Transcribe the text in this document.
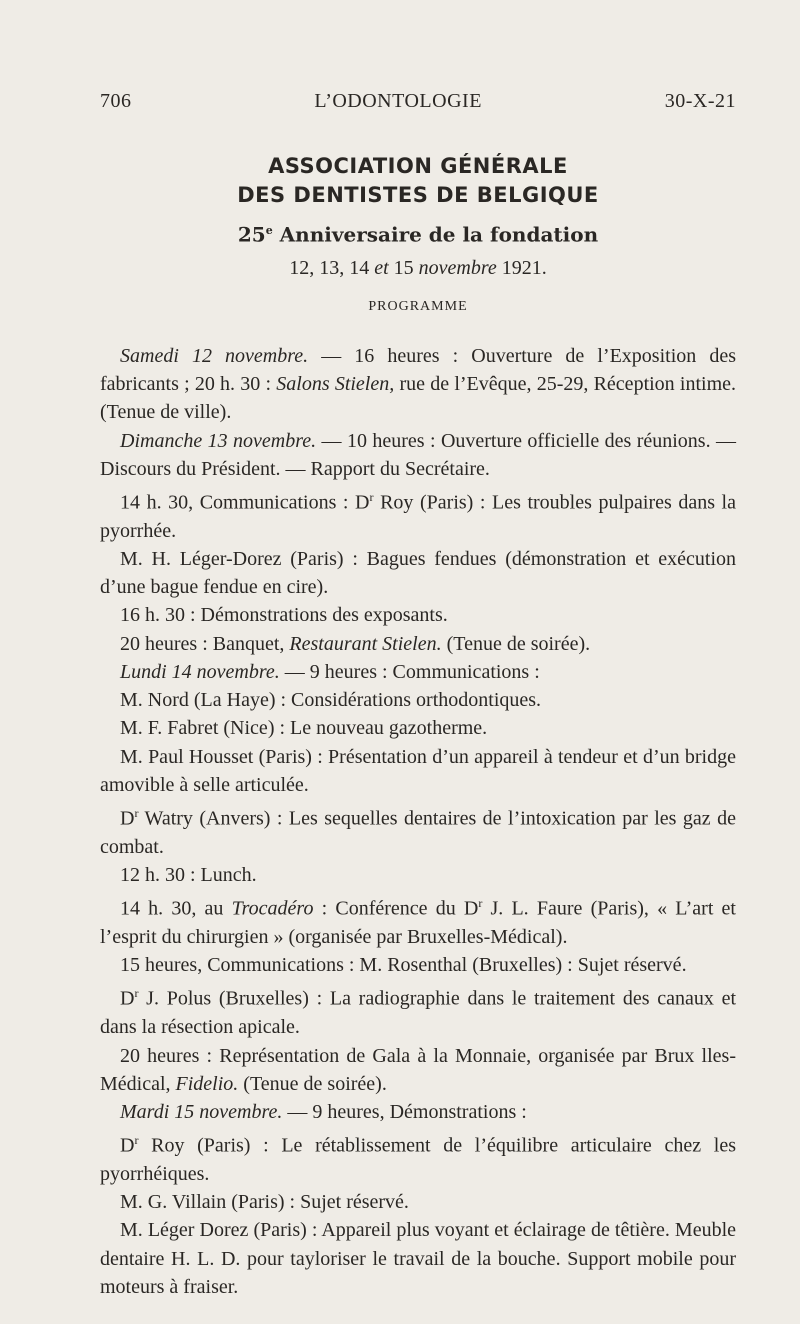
706	L’ODONTOLOGIE	30-X-21
ASSOCIATION GÉNÉRALE
DES DENTISTES DE BELGIQUE
25e Anniversaire de la fondation
12, 13, 14 et 15 novembre 1921.
PROGRAMME

Samedi 12 novembre. — 16 heures : Ouverture de l’Exposition des fabricants ; 20 h. 30 : Salons Stielen, rue de l’Evêque, 25-29, Réception intime. (Tenue de ville).

Dimanche 13 novembre. — 10 heures : Ouverture officielle des réunions. — Discours du Président. — Rapport du Secrétaire.

14 h. 30, Communications : $D^r$ Roy (Paris) : Les troubles pulpaires dans la pyorrhée.

M. H. Léger-Dorez (Paris) : Bagues fendues (démonstration et exécution d’une bague fendue en cire).

16 h. 30 : Démonstrations des exposants.

20 heures : Banquet, Restaurant Stielen. (Tenue de soirée).

Lundi 14 novembre. — 9 heures : Communications :

M. Nord (La Haye) : Considérations orthodontiques.

M. F. Fabret (Nice) : Le nouveau gazotherme.

M. Paul Housset (Paris) : Présentation d’un appareil à tendeur et d’un bridge amovible à selle articulée.

$D^r$ Watry (Anvers) : Les sequelles dentaires de l’intoxication par les gaz de combat.

12 h. 30 : Lunch.

14 h. 30, au Trocadéro : Conférence du $D^r$ J. L. Faure (Paris), « L’art et l’esprit du chirurgien » (organisée par Bruxelles-Médical).

15 heures, Communications : M. Rosenthal (Bruxelles) : Sujet réservé.

$D^r$ J. Polus (Bruxelles) : La radiographie dans le traitement des canaux et dans la résection apicale.

20 heures : Représentation de Gala à la Monnaie, organisée par Brux lles-Médical, Fidelio. (Tenue de soirée).

Mardi 15 novembre. — 9 heures, Démonstrations :

$D^r$ Roy (Paris) : Le rétablissement de l’équilibre articulaire chez les pyorrhéiques.

M. G. Villain (Paris) : Sujet réservé.

M. Léger Dorez (Paris) : Appareil plus voyant et éclairage de têtière. Meuble dentaire H. L. D. pour tayloriser le travail de la bouche. Support mobile pour moteurs à fraiser.
